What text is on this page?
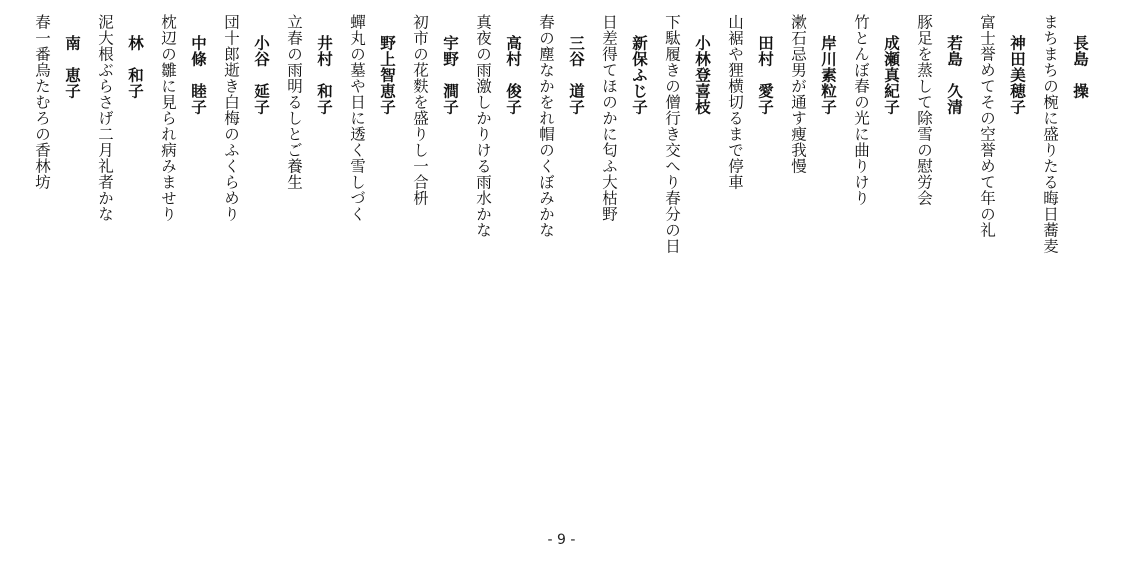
長島　操
まちまちの椀に盛りたる晦日蕎麦
神田美穂子
富士誉めてその空誉めて年の礼
若島　久清
豚足を蒸して除雪の慰労会
成瀬真紀子
竹とんぼ春の光に曲りけり
岸川素粒子
漱石忌男が通す痩我慢
田村　愛子
山裾や狸横切るまで停車
小林登喜枝
下駄履きの僧行き交へり春分の日
新保ふじ子
日差得てほのかに匂ふ大枯野
三谷　道子
春の塵なかをれ帽のくぼみかな
高村　俊子
真夜の雨激しかりける雨水かな
宇野　澗子
初市の花麩を盛りし一合枡
野上智恵子
蟬丸の墓や日に透く雪しづく
井村　和子
立春の雨明るしとご養生
小谷　延子
団十郎逝き白梅のふくらめり
中條　睦子
枕辺の雛に見られ病みませり
林　和子
泥大根ぶらさげ二月礼者かな
南　恵子
春一番烏たむろの香林坊
- 9 -
